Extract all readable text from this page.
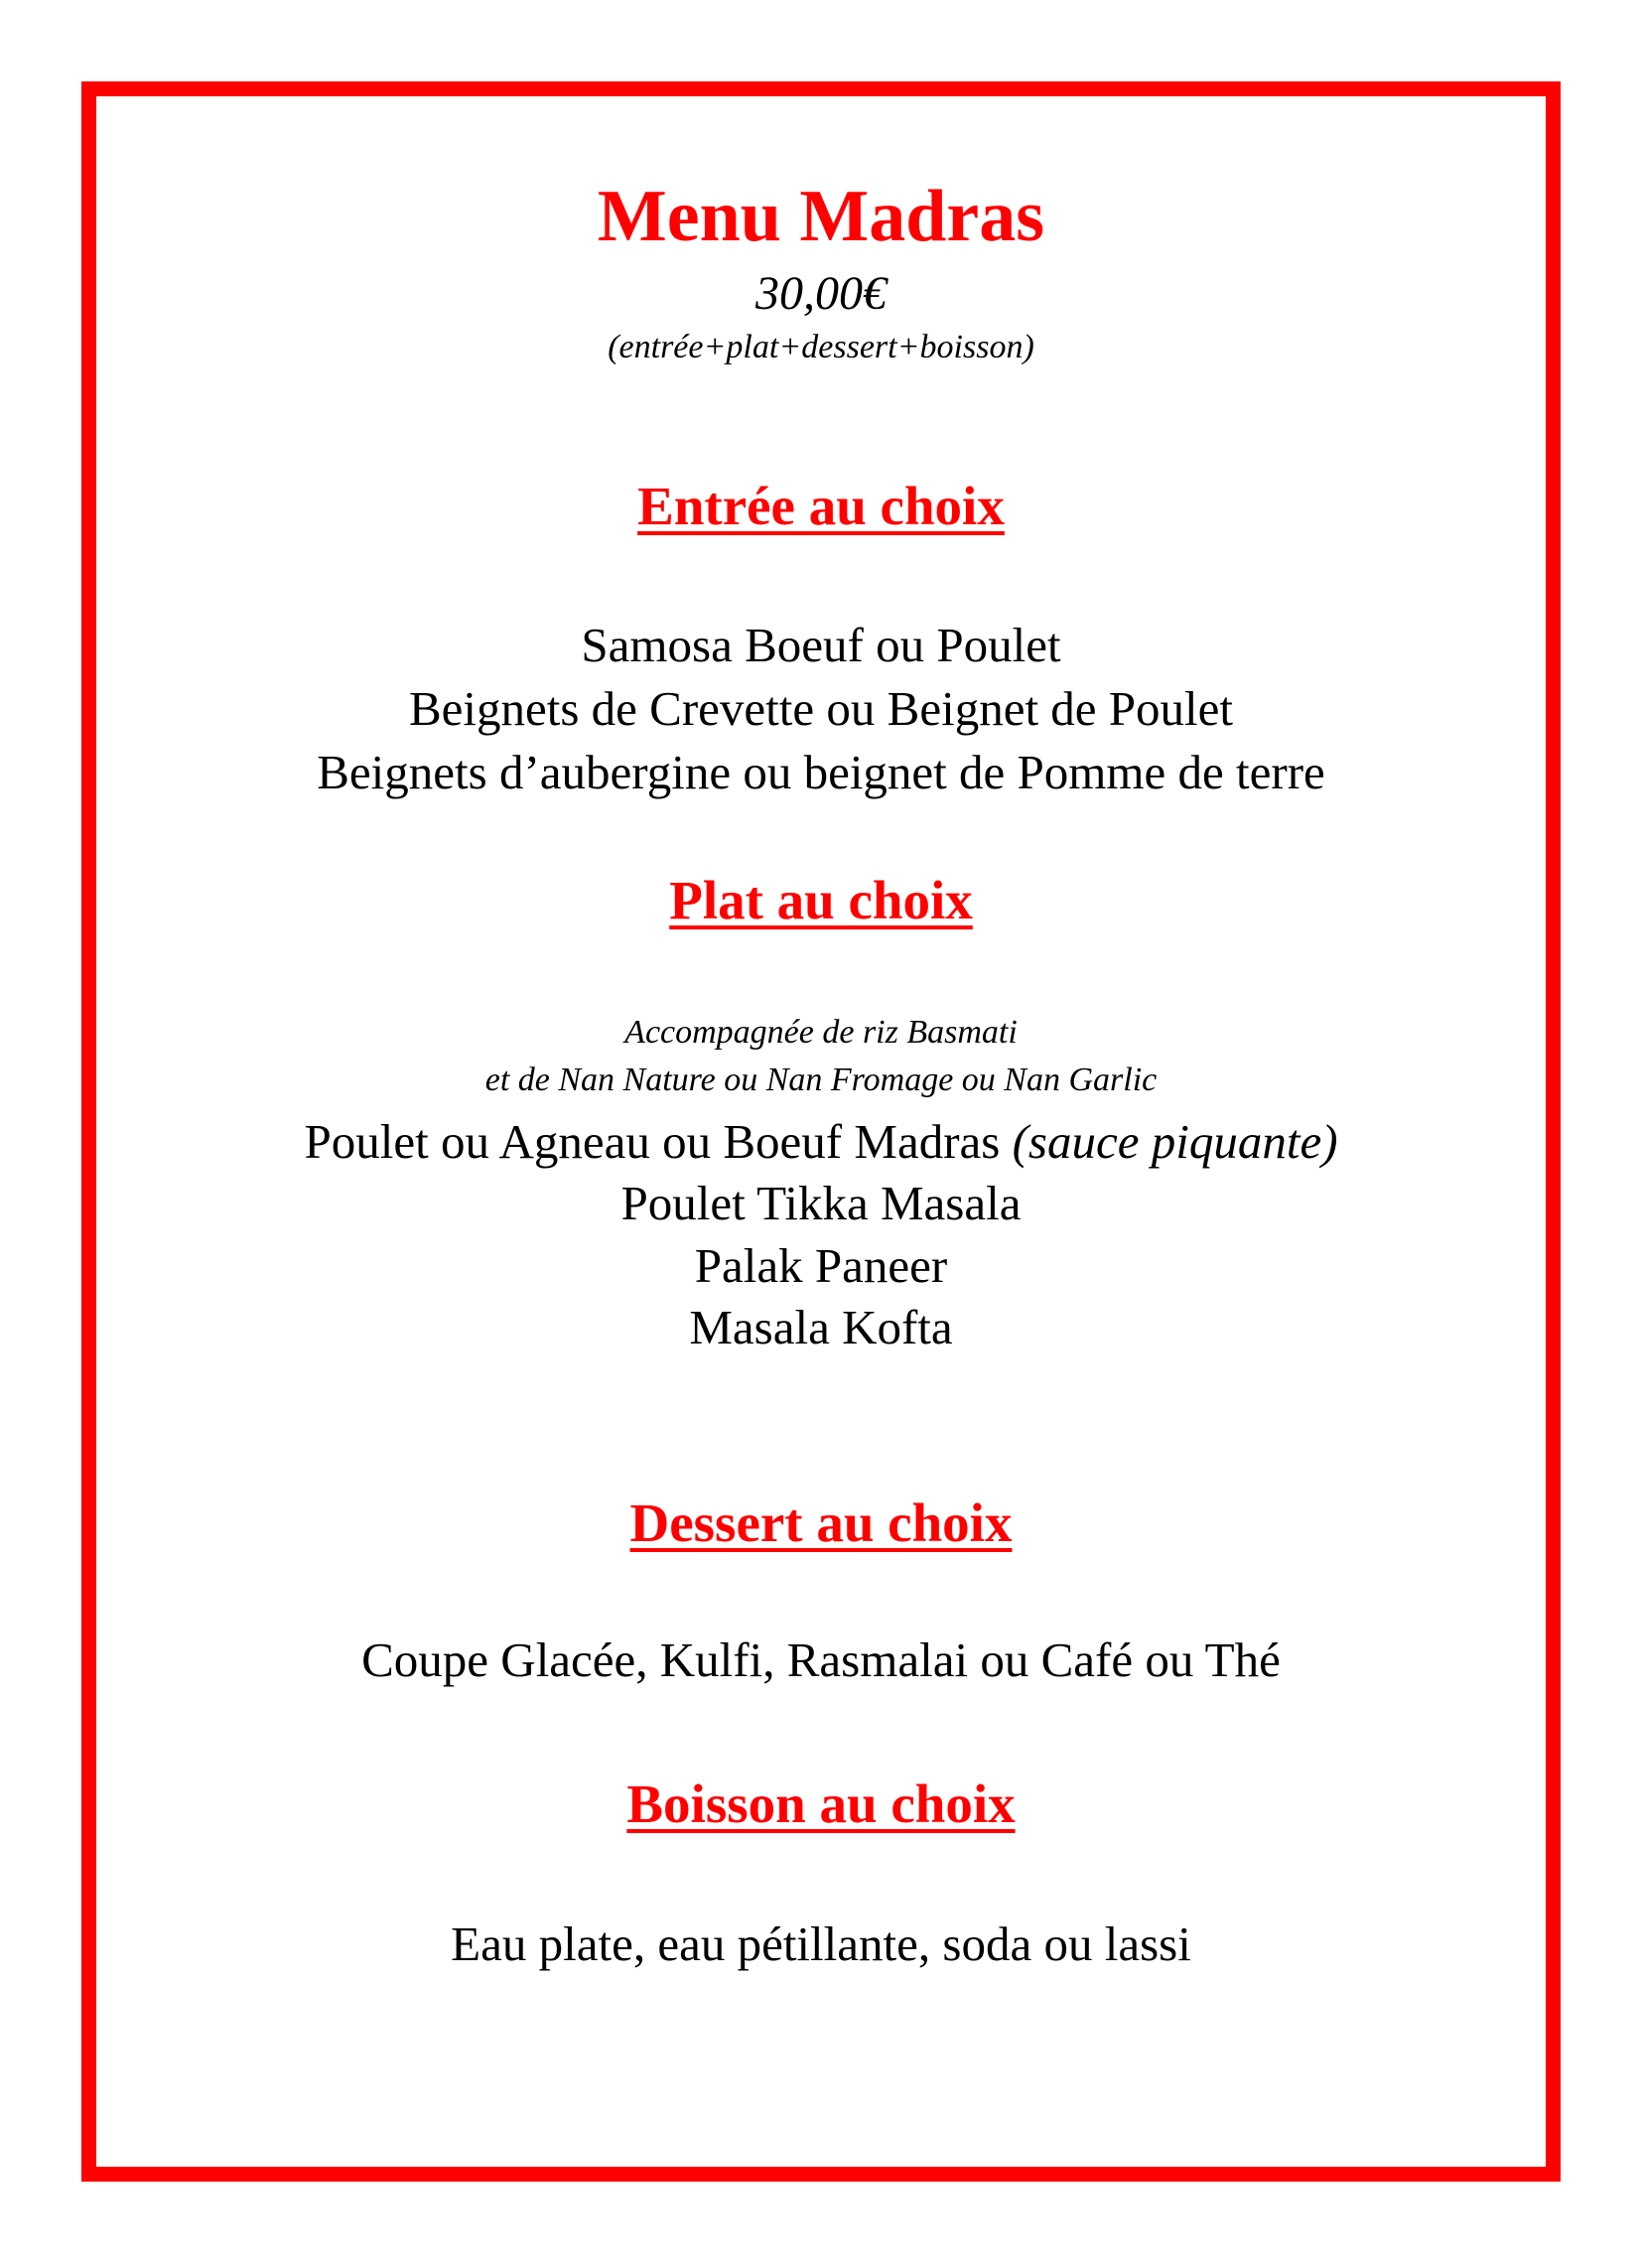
Menu Madras

30,00€

(entrée+plat+dessert+boisson)

Entrée au choix

Samosa Boeuf ou Poulet

Beignets de Crevette ou Beignet de Poulet

Beignets d’aubergine ou beignet de Pomme de terre

Plat au choix

Accompagnée de riz Basmati

et de Nan Nature ou Nan Fromage ou Nan Garlic

Poulet ou Agneau ou Boeuf Madras (sauce piquante)

Poulet Tikka Masala

Palak Paneer

Masala Kofta

Dessert au choix

Coupe Glacée, Kulfi, Rasmalai ou Café ou Thé

Boisson au choix

Eau plate, eau pétillante, soda ou lassi
